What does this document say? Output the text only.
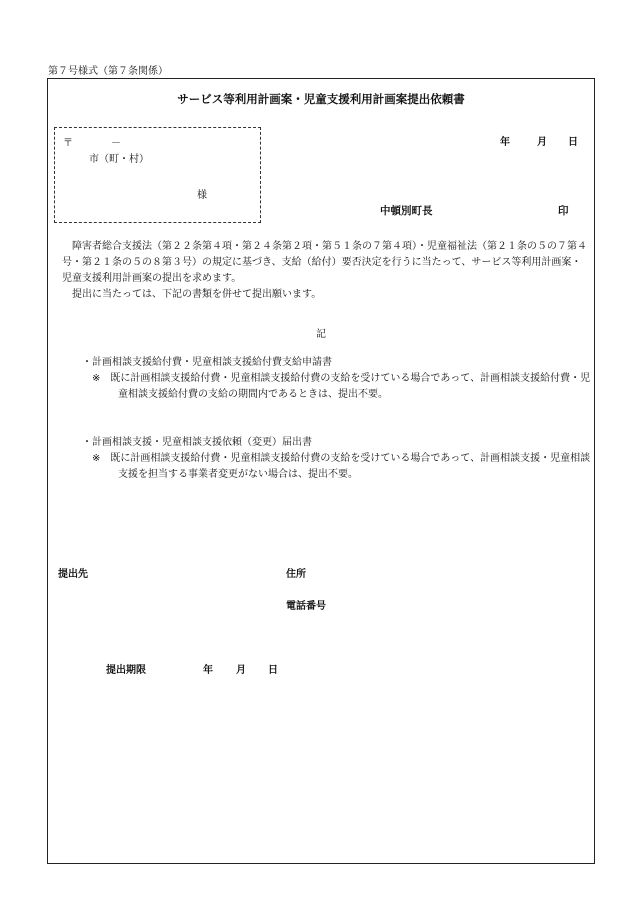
第７号様式（第７条関係）
サービス等利用計画案・児童支援利用計画案提出依頼書
〒	－
市（町・村）
様
年	月 日
中頓別町長	印

障害者総合支援法（第２２条第４項・第２４条第２項・第５１条の７第４項）・児童福祉法（第２１条の５の７第４号・第２１条の５の８第３号）の規定に基づき、支給（給付）要否決定を行うに当たって、サービス等利用計画案・児童支援利用計画案の提出を求めます。

提出に当たっては、下記の書類を併せて提出願います。

記

・計画相談支援給付費・児童相談支援給付費支給申請書

※　既に計画相談支援給付費・児童相談支援給付費の支給を受けている場合であって、計画相談支援給付費・児童相談支援給付費の支給の期間内であるときは、提出不要。

・計画相談支援・児童相談支援依頼（変更）届出書

※　既に計画相談支援給付費・児童相談支援給付費の支給を受けている場合であって、計画相談支援・児童相談支援を担当する事業者変更がない場合は、提出不要。

提出先	住所
電話番号
提出期限	年 月 日
